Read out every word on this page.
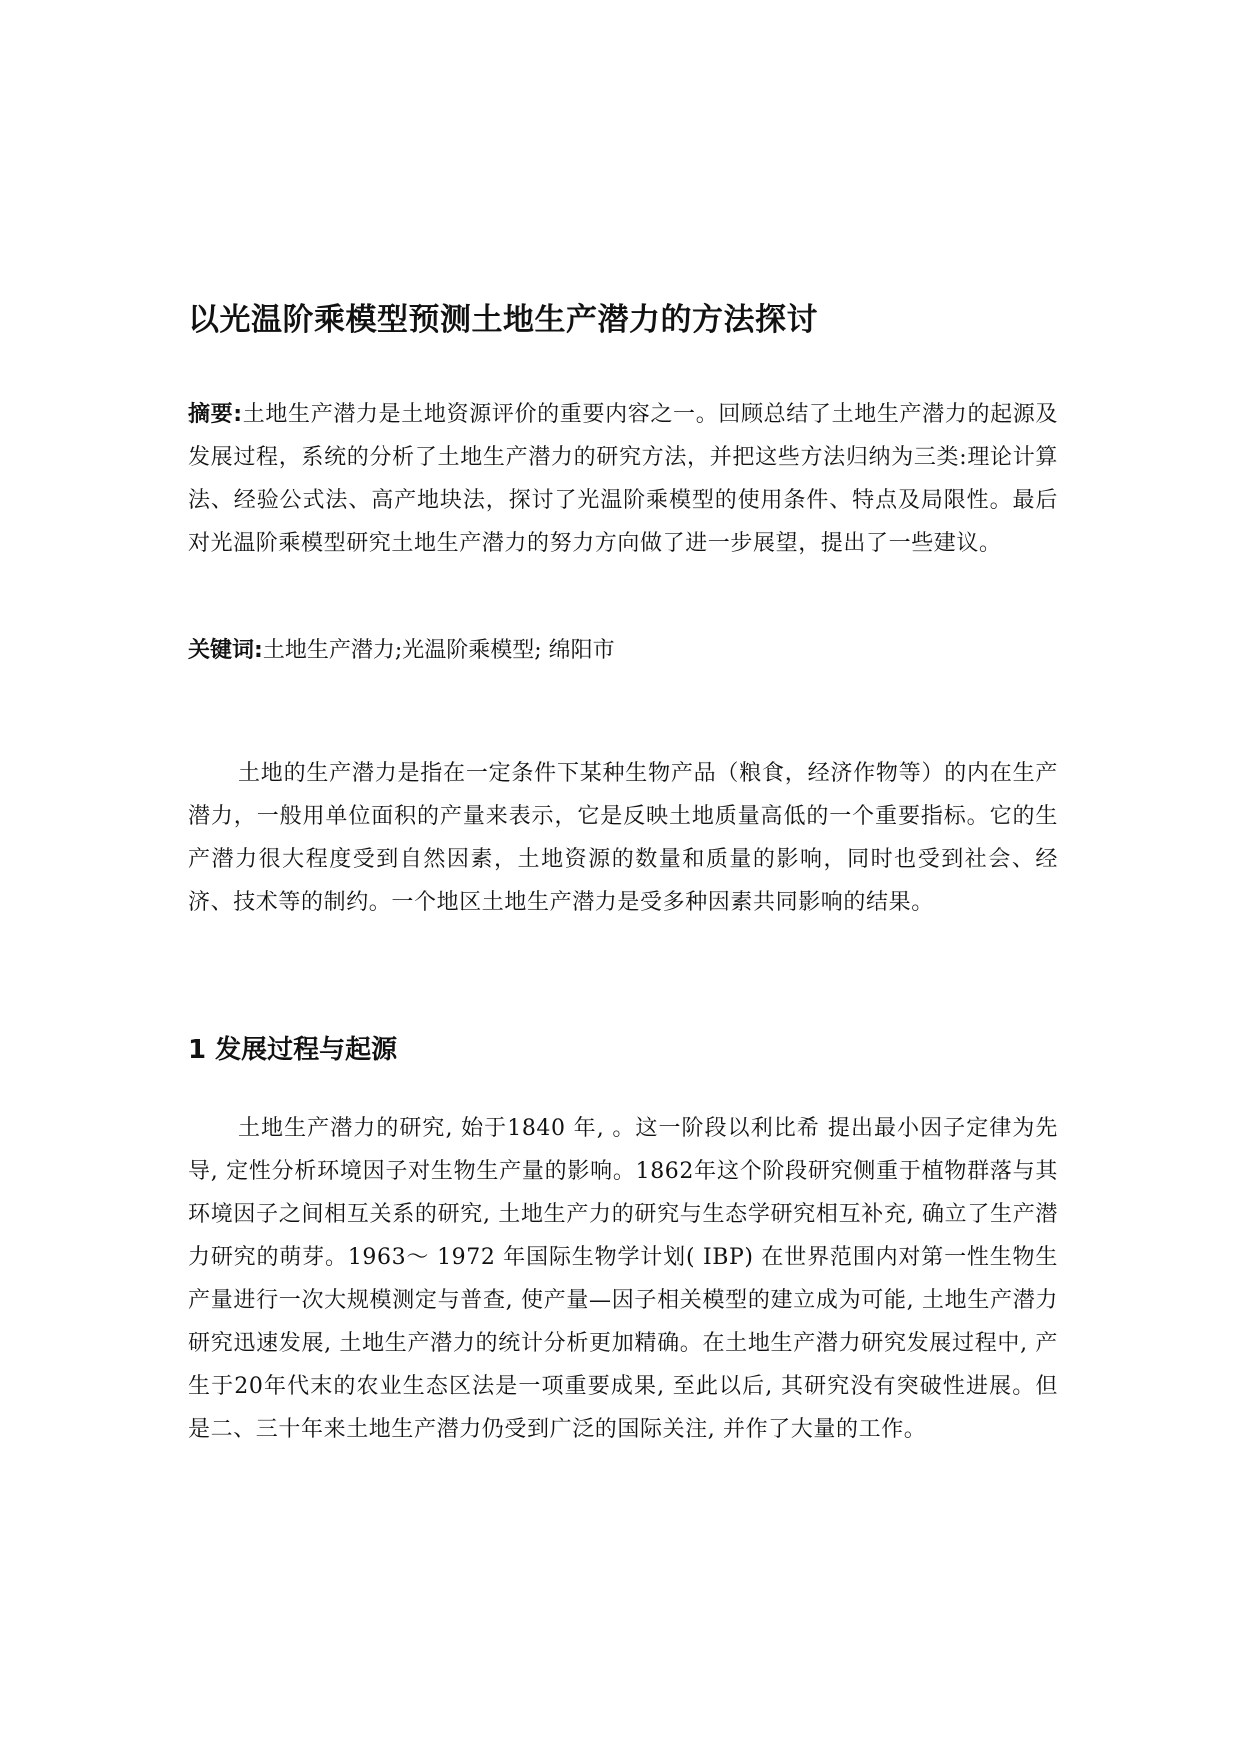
以光温阶乘模型预测土地生产潜力的方法探讨

摘要:土地生产潜力是土地资源评价的重要内容之一。回顾总结了土地生产潜力的起源及发展过程，系统的分析了土地生产潜力的研究方法，并把这些方法归纳为三类:理论计算法、经验公式法、高产地块法，探讨了光温阶乘模型的使用条件、特点及局限性。最后对光温阶乘模型研究土地生产潜力的努力方向做了进一步展望，提出了一些建议。

关键词:土地生产潜力;光温阶乘模型; 绵阳市

土地的生产潜力是指在一定条件下某种生物产品（粮食，经济作物等）的内在生产潜力，一般用单位面积的产量来表示，它是反映土地质量高低的一个重要指标。它的生产潜力很大程度受到自然因素，土地资源的数量和质量的影响，同时也受到社会、经济、技术等的制约。一个地区土地生产潜力是受多种因素共同影响的结果。

1 发展过程与起源

土地生产潜力的研究, 始于1840 年, 。这一阶段以利比希 提出最小因子定律为先导, 定性分析环境因子对生物生产量的影响。1862年这个阶段研究侧重于植物群落与其环境因子之间相互关系的研究, 土地生产力的研究与生态学研究相互补充, 确立了生产潜力研究的萌芽。1963～ 1972 年国际生物学计划( IBP) 在世界范围内对第一性生物生产量进行一次大规模测定与普查, 使产量—因子相关模型的建立成为可能, 土地生产潜力研究迅速发展, 土地生产潜力的统计分析更加精确。在土地生产潜力研究发展过程中, 产生于20年代末的农业生态区法是一项重要成果, 至此以后, 其研究没有突破性进展。但是二、三十年来土地生产潜力仍受到广泛的国际关注, 并作了大量的工作。
